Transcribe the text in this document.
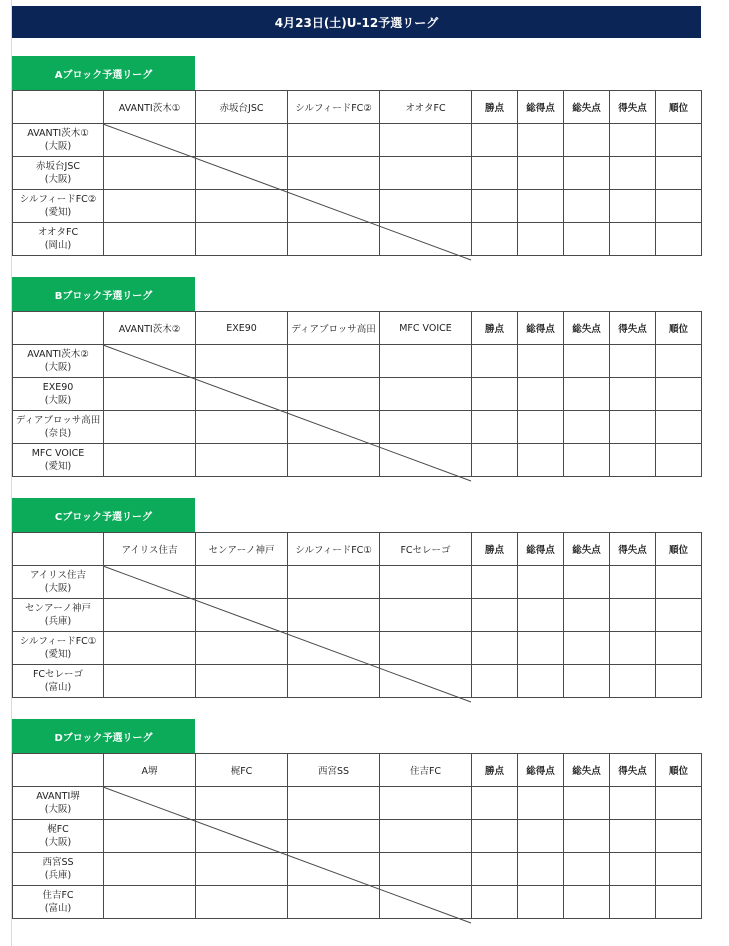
4月23日(土)U-12予選リーグ
Aブロック予選リーグ
	AVANTI茨木①	赤坂台JSC	シルフィードFC②	オオタFC	勝点	総得点	総失点	得失点	順位

AVANTI茨木①
(大阪)									

赤坂台JSC
(大阪)									

シルフィードFC②
(愛知)									

オオタFC
(岡山)									

Bブロック予選リーグ
	AVANTI茨木②	EXE90	ディアブロッサ高田	MFC VOICE	勝点	総得点	総失点	得失点	順位

AVANTI茨木②
(大阪)									

EXE90
(大阪)									

ディアブロッサ高田
(奈良)									

MFC VOICE
(愛知)									

Cブロック予選リーグ
	アイリス住吉	センアーノ神戸	シルフィードFC①	FCセレーゴ	勝点	総得点	総失点	得失点	順位

アイリス住吉
(大阪)									

センアーノ神戸
(兵庫)									

シルフィードFC①
(愛知)									

FCセレーゴ
(富山)									

Dブロック予選リーグ
	A堺	梶FC	西宮SS	住吉FC	勝点	総得点	総失点	得失点	順位

AVANTI堺
(大阪)									

梶FC
(大阪)									

西宮SS
(兵庫)									

住吉FC
(富山)									
